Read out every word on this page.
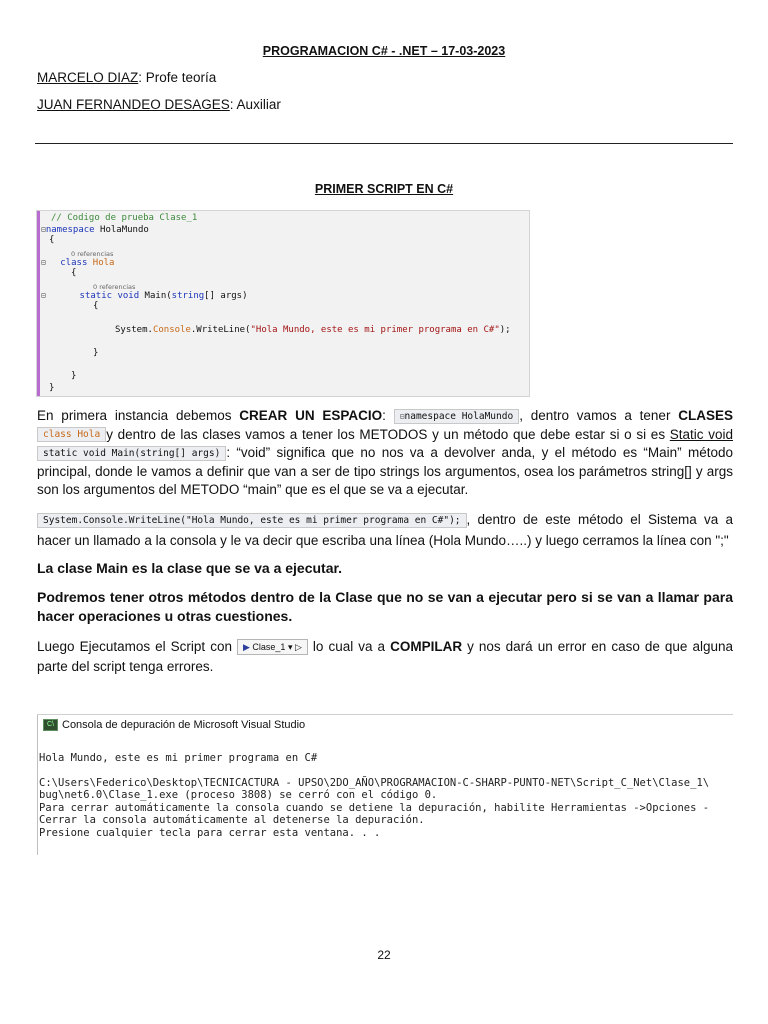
PROGRAMACION C# - .NET – 17-03-2023
MARCELO DIAZ: Profe teoría
JUAN FERNANDEO DESAGES: Auxiliar
PRIMER SCRIPT EN C#
// Codigo de prueba Clase_1
⊟namespace HolaMundo
{
0 referencias
⊟   class Hola
{
0 referencias
⊟       static void Main(string[] args)
{
System.Console.WriteLine("Hola Mundo, este es mi primer programa en C#");
}
}
}
En primera instancia debemos CREAR UN ESPACIO: ⊟namespace HolaMundo , dentro vamos a tener CLASES class Hola y dentro de las clases vamos a tener los METODOS y un método que debe estar si o si es Static void static void Main(string[] args) : “void” significa que no nos va a devolver anda, y el método es “Main” método principal, donde le vamos a definir que van a ser de tipo strings los argumentos, osea los parámetros string[] y args son los argumentos del METODO “main” que es el que se va a ejecutar.
System.Console.WriteLine("Hola Mundo, este es mi primer programa en C#"); , dentro de este método el Sistema va a hacer un llamado a la consola y le va decir que escriba una línea (Hola Mundo…..) y luego cerramos la línea con ";"
La clase Main es la clase que se va a ejecutar.
Podremos tener otros métodos dentro de la Clase que no se van a ejecutar pero si se van a llamar para hacer operaciones u otras cuestiones.
Luego Ejecutamos el Script con ▶ Clase_1 ▾ ▷ lo cual va a COMPILAR y nos dará un error en caso de que alguna parte del script tenga errores.
C\ Consola de depuración de Microsoft Visual Studio

Hola Mundo, este es mi primer programa en C#

C:\Users\Federico\Desktop\TECNICACTURA - UPSO\2DO_AÑO\PROGRAMACION-C-SHARP-PUNTO-NET\Script_C_Net\Clase_1\
bug\net6.0\Clase_1.exe (proceso 3808) se cerró con el código 0.
Para cerrar automáticamente la consola cuando se detiene la depuración, habilite Herramientas ->Opciones -
Cerrar la consola automáticamente al detenerse la depuración.
Presione cualquier tecla para cerrar esta ventana. . .

22
